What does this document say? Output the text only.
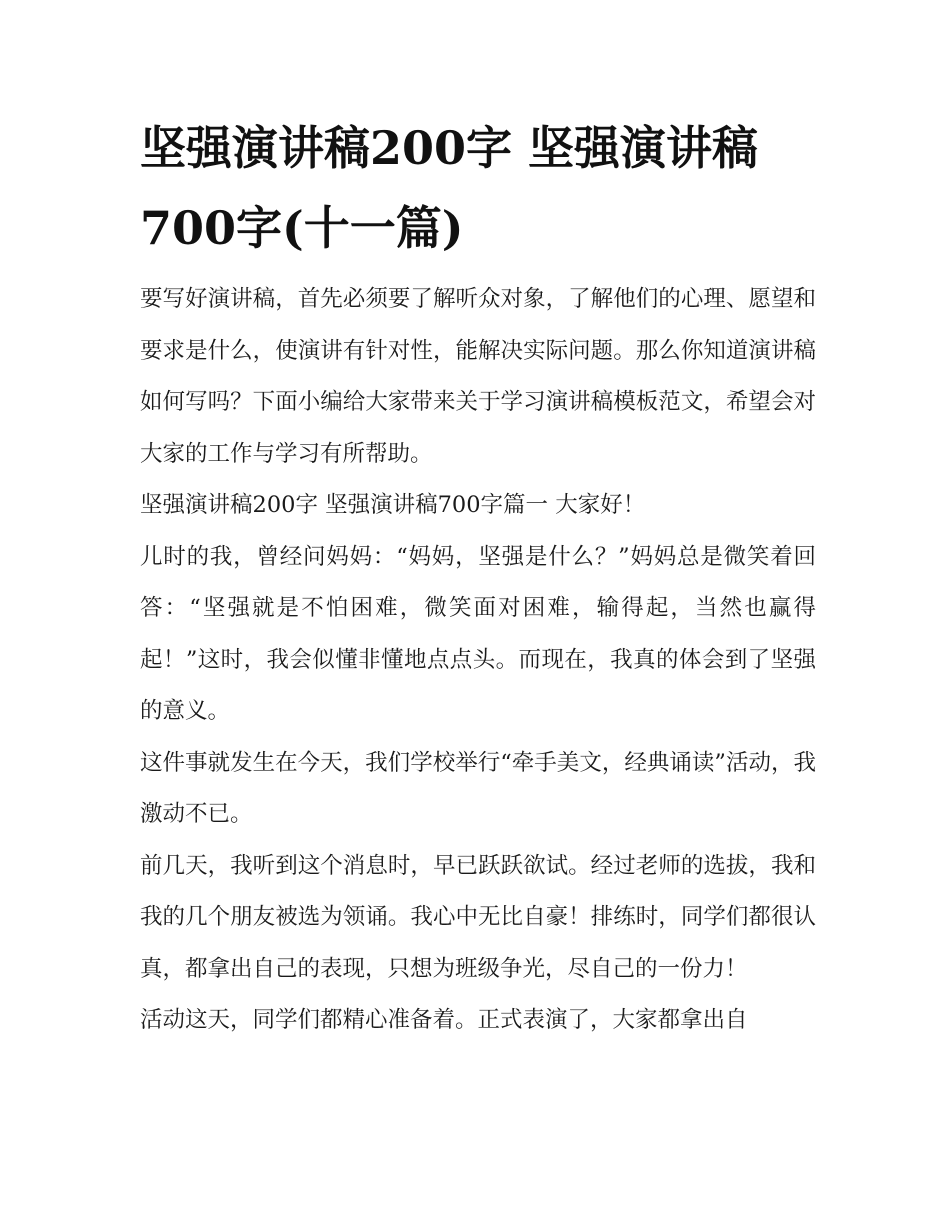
坚强演讲稿200字 坚强演讲稿700字(十一篇)

要写好演讲稿，首先必须要了解听众对象，了解他们的心理、愿望和要求是什么，使演讲有针对性，能解决实际问题。那么你知道演讲稿如何写吗？下面小编给大家带来关于学习演讲稿模板范文，希望会对大家的工作与学习有所帮助。

坚强演讲稿200字 坚强演讲稿700字篇一 大家好！

儿时的我，曾经问妈妈：“妈妈，坚强是什么？”妈妈总是微笑着回答：“坚强就是不怕困难，微笑面对困难，输得起，当然也赢得起！”这时，我会似懂非懂地点点头。而现在，我真的体会到了坚强的意义。

这件事就发生在今天，我们学校举行“牵手美文，经典诵读”活动，我激动不已。

前几天，我听到这个消息时，早已跃跃欲试。经过老师的选拔，我和我的几个朋友被选为领诵。我心中无比自豪！排练时，同学们都很认真，都拿出自己的表现，只想为班级争光，尽自己的一份力！

活动这天，同学们都精心准备着。正式表演了，大家都拿出自
